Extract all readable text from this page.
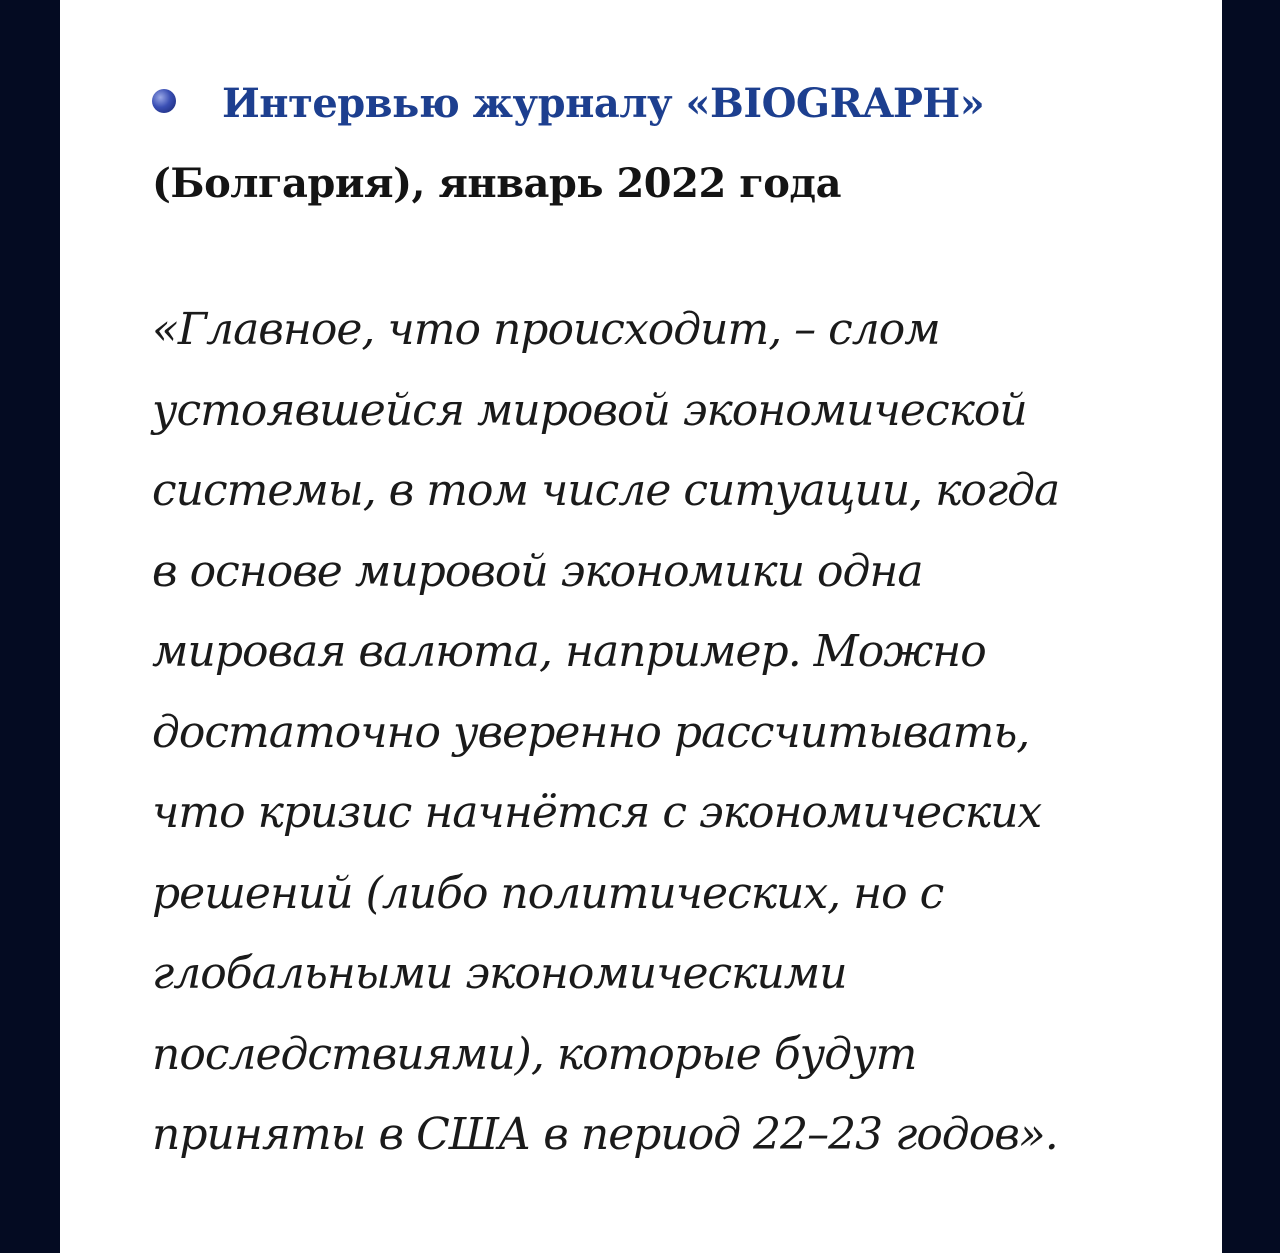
Интервью журналу «BIOGRAPH»
(Болгария), январь 2022 года

«Главное, что происходит, – слом
устоявшейся мировой экономической
системы, в том числе ситуации, когда
в основе мировой экономики одна
мировая валюта, например. Можно
достаточно уверенно рассчитывать,
что кризис начнётся с экономических
решений (либо политических, но с
глобальными экономическими
последствиями), которые будут
приняты в США в период 22–23 годов».
